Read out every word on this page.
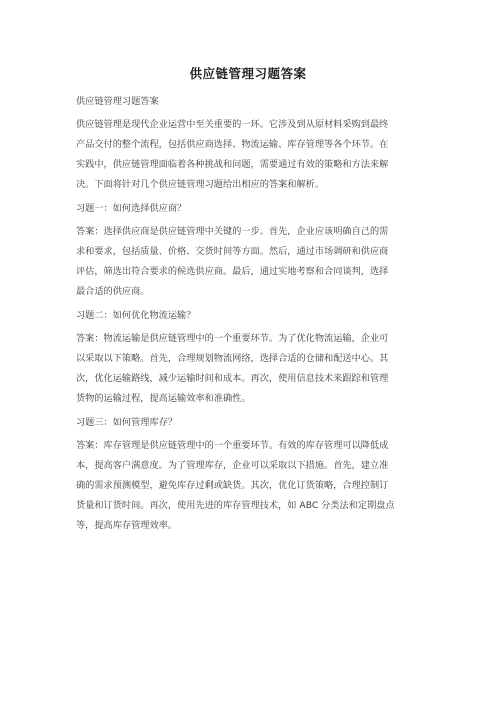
供应链管理习题答案
供应链管理习题答案
供应链管理是现代企业运营中至关重要的一环。它涉及到从原材料采购到最终
产品交付的整个流程，包括供应商选择、物流运输、库存管理等各个环节。在
实践中，供应链管理面临着各种挑战和问题，需要通过有效的策略和方法来解
决。下面将针对几个供应链管理习题给出相应的答案和解析。
习题一：如何选择供应商？
答案：选择供应商是供应链管理中关键的一步。首先，企业应该明确自己的需
求和要求，包括质量、价格、交货时间等方面。然后，通过市场调研和供应商
评估，筛选出符合要求的候选供应商。最后，通过实地考察和合同谈判，选择
最合适的供应商。
习题二：如何优化物流运输？
答案：物流运输是供应链管理中的一个重要环节。为了优化物流运输，企业可
以采取以下策略。首先，合理规划物流网络，选择合适的仓储和配送中心。其
次，优化运输路线，减少运输时间和成本。再次，使用信息技术来跟踪和管理
货物的运输过程，提高运输效率和准确性。
习题三：如何管理库存？
答案：库存管理是供应链管理中的一个重要环节。有效的库存管理可以降低成
本，提高客户满意度。为了管理库存，企业可以采取以下措施。首先，建立准
确的需求预测模型，避免库存过剩或缺货。其次，优化订货策略，合理控制订
货量和订货时间。再次，使用先进的库存管理技术，如 ABC 分类法和定期盘点
等，提高库存管理效率。
